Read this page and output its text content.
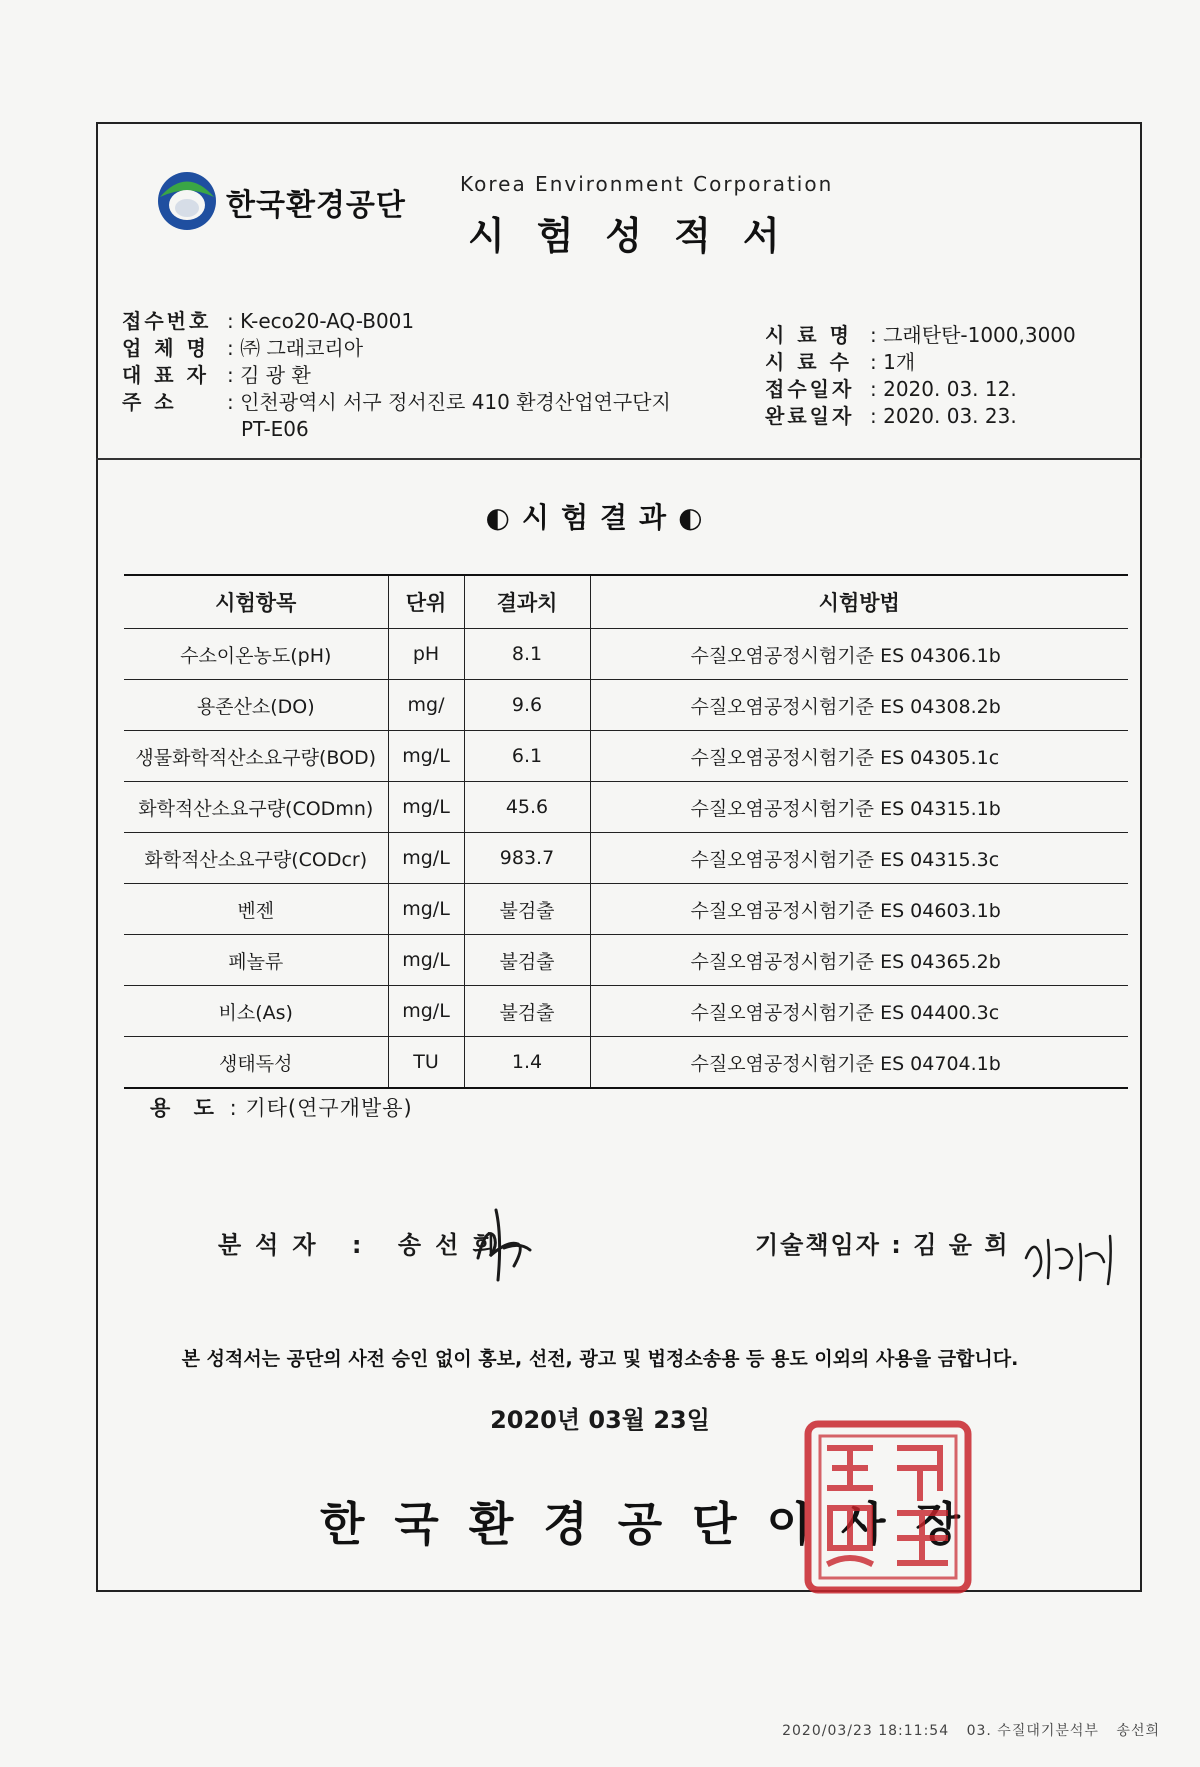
한국환경공단
Korea Environment Corporation
시험성적서
접수번호 : K-eco20-AQ-B001
업 체 명 : ㈜ 그래코리아
대 표 자 : 김 광 환
주 소	: 인천광역시 서구 정서진로 410 환경산업연구단지
PT-E06
시 료 명 : 그래탄탄-1000,3000
시 료 수 : 1개
접수일자 : 2020. 03. 12.
완료일자 : 2020. 03. 23.
◐시험결과◐
시험항목	단위	결과치	시험방법
수소이온농도(pH)	pH	8.1	수질오염공정시험기준 ES 04306.1b
용존산소(DO)	mg/	9.6	수질오염공정시험기준 ES 04308.2b
생물화학적산소요구량(BOD)	mg/L	6.1	수질오염공정시험기준 ES 04305.1c
화학적산소요구량(CODmn)	mg/L	45.6	수질오염공정시험기준 ES 04315.1b
화학적산소요구량(CODcr)	mg/L	983.7	수질오염공정시험기준 ES 04315.3c
벤젠	mg/L	불검출	수질오염공정시험기준 ES 04603.1b
페놀류	mg/L	불검출	수질오염공정시험기준 ES 04365.2b
비소(As)	mg/L	불검출	수질오염공정시험기준 ES 04400.3c
생태독성	TU	1.4	수질오염공정시험기준 ES 04704.1b
용 도 : 기타(연구개발용)
분석자 : 송선희	기술책임자 : 김 윤 희
본 성적서는 공단의 사전 승인 없이 홍보, 선전, 광고 및 법정소송용 등 용도 이외의 사용을 금합니다.
2020년 03월 23일
한국환경공단이사장
2020/03/23 18:11:54 03. 수질대기분석부 송선희
